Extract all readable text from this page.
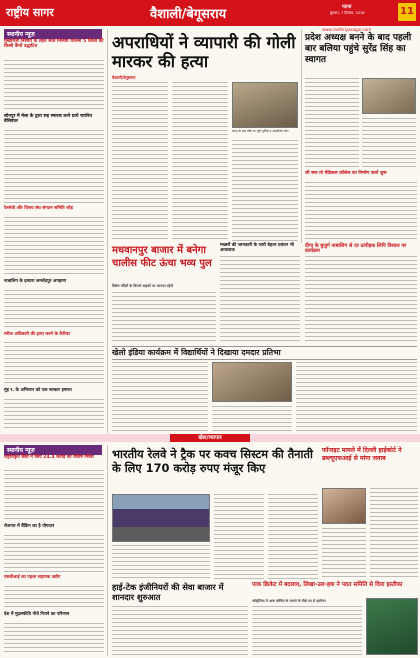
राष्ट्रीय सागर	वैशाली/बेगूसराय	पटना
बुधवार, 7 दिसंबर, 2016	11
www.rashtriyasagar.com
स्थानीय न्यूज़
मुख्यमंत्री निश्चय के तहत सात निश्चय योजना 5 जिलों की किसी कैंपों उद्घाटित
सोनपुर में मेला के द्वारा सह स्मारक लाने प्रत्ये चयनित बेलिवाल
रेलमंत्री और विजय संघ संगठन समिति जोड़
नाबालिग के हत्यारा जमशेदपुर अपहरण
मरीज अधिकारी की हत्या करने के कैरियर
मुंह र. के अभियान को एक सरकार इमारत
अपराधियों ने व्यापारी की गोली मारकर की हत्या
वैशाली/बेगूसराय
घटना के बाद मौके पर जुटी पुलिस व आक्रोशित लोग
प्रदेश अध्यक्ष बनने के बाद पहली बार बलिया पहुंचे सुरेंद्र सिंह का स्वागत
जी बना तो मेडिकल कॉलेज का निर्माण कार्य शुरू
मधवानपुर बाजार में बनेगा चालीस फीट ऊंचा भव्य पुल
विशेष मंदिरों के किनारे सड़कों पर मरम्मत रहेगी
मच्छरों की जानकारी के जारी बेहतर प्रबंधन भी आवश्यक
दीपा के बुजुर्ग नाबालिग से दर उत्पीड़क लिपि विशाल पर कार्यक्रम
खेलो इंडिया कार्यक्रम में विद्यार्थियों ने दिखाया दमदार प्रतिभा
खेल/व्यापार
स्थानीय न्यूज़
राष्ट्रीयकृत बैंकों ने किए 24.4 करोड़ का विशेष निवेश
रोजगार में बैंकिंग का है योगदान
एसबीआई का पहला सहायक उद्योग
देश में मुद्रास्फीति नीचे गिराने का परिणाम
भारतीय रेलवे ने ट्रैक पर कवच सिस्टम की तैनाती के लिए 170 करोड़ रुपए मंजूर किए
फॉनाइट मामले में दिल्ली हाईकोर्ट ने डब्ल्यूएफआई से मांगा जवाब
हाई-टेक इंजीनियरों की सेवा बाजार में शानदार शुरुआत
पाक क्रिकेट में बदलाव, लिखा-उल-हक ने पदत समिति से दिया इस्तीफा
ऑस्ट्रेलिया में आज कोचिंग के मामले के पीछे पद से इस्तीफा
